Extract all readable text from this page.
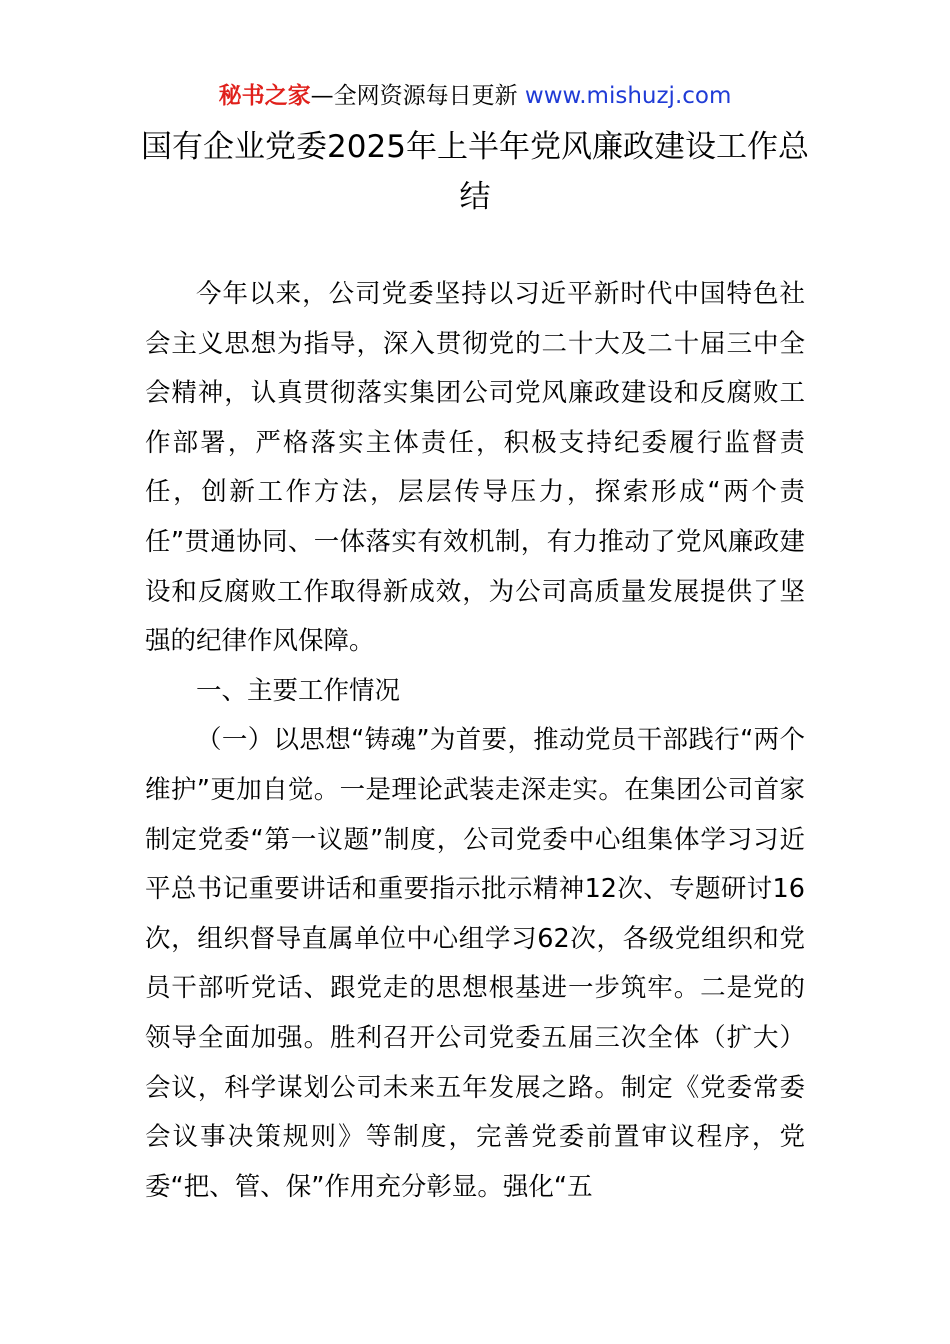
秘书之家—全网资源每日更新 www.mishuzj.com
国有企业党委2025年上半年党风廉政建设工作总结

今年以来，公司党委坚持以习近平新时代中国特色社会主义思想为指导，深入贯彻党的二十大及二十届三中全会精神，认真贯彻落实集团公司党风廉政建设和反腐败工作部署，严格落实主体责任，积极支持纪委履行监督责任，创新工作方法，层层传导压力，探索形成“两个责任”贯通协同、一体落实有效机制，有力推动了党风廉政建设和反腐败工作取得新成效，为公司高质量发展提供了坚强的纪律作风保障。

一、主要工作情况

（一）以思想“铸魂”为首要，推动党员干部践行“两个维护”更加自觉。一是理论武装走深走实。在集团公司首家制定党委“第一议题”制度，公司党委中心组集体学习习近平总书记重要讲话和重要指示批示精神12次、专题研讨16次，组织督导直属单位中心组学习62次，各级党组织和党员干部听党话、跟党走的思想根基进一步筑牢。二是党的领导全面加强。胜利召开公司党委五届三次全体（扩大）会议，科学谋划公司未来五年发展之路。制定《党委常委会议事决策规则》等制度，完善党委前置审议程序，党委“把、管、保”作用充分彰显。强化“五
